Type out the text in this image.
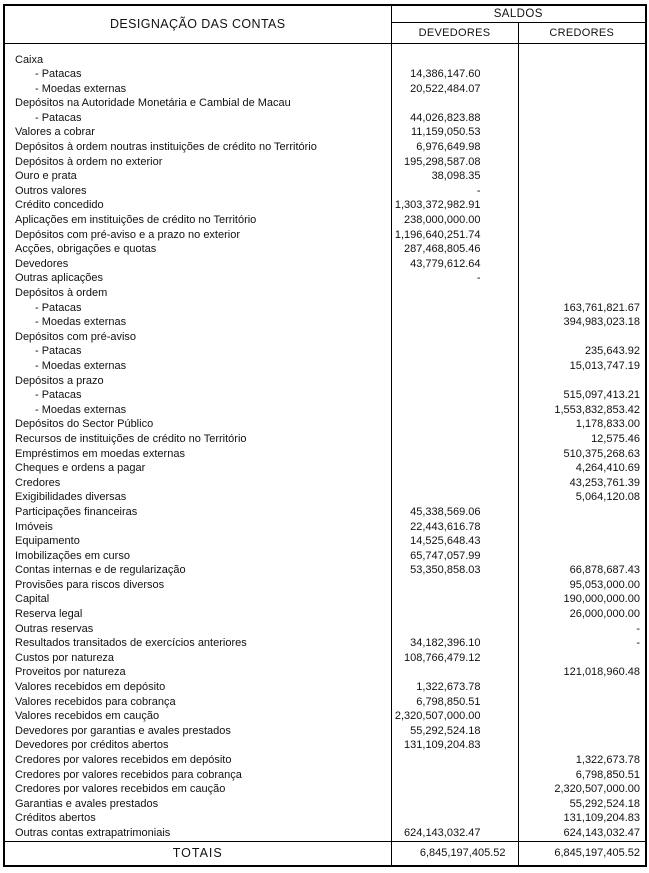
DESIGNAÇÃO DAS CONTAS	SALDOS	
	DEVEDORES	CREDORES
Caixa		
- Patacas	14,386,147.60	
- Moedas externas	20,522,484.07	
Depósitos na Autoridade Monetária e Cambial de Macau		
- Patacas	44,026,823.88	
Valores a cobrar	11,159,050.53	
Depósitos à ordem noutras instituições de crédito no Território	6,976,649.98	
Depósitos à ordem no exterior	195,298,587.08	
Ouro e prata	38,098.35	
Outros valores	-	
Crédito concedido	1,303,372,982.91	
Aplicações em instituições de crédito no Território	238,000,000.00	
Depósitos com pré-aviso e a prazo no exterior	1,196,640,251.74	
Acções, obrigações e quotas	287,468,805.46	
Devedores	43,779,612.64	
Outras aplicações	-	
Depósitos à ordem		
- Patacas		163,761,821.67
- Moedas externas		394,983,023.18
Depósitos com pré-aviso		
- Patacas		235,643.92
- Moedas externas		15,013,747.19
Depósitos a prazo		
- Patacas		515,097,413.21
- Moedas externas		1,553,832,853.42
Depósitos do Sector Público		1,178,833.00
Recursos de instituições de crédito no Território		12,575.46
Empréstimos em moedas externas		510,375,268.63
Cheques e ordens a pagar		4,264,410.69
Credores		43,253,761.39
Exigibilidades diversas		5,064,120.08
Participações financeiras	45,338,569.06	
Imóveis	22,443,616.78	
Equipamento	14,525,648.43	
Imobilizações em curso	65,747,057.99	
Contas internas e de regularização	53,350,858.03	66,878,687.43
Provisões para riscos diversos		95,053,000.00
Capital		190,000,000.00
Reserva legal		26,000,000.00
Outras reservas		-
Resultados transitados de exercícios anteriores	34,182,396.10	-
Custos por natureza	108,766,479.12	
Proveitos por natureza		121,018,960.48
Valores recebidos em depósito	1,322,673.78	
Valores recebidos para cobrança	6,798,850.51	
Valores recebidos em caução	2,320,507,000.00	
Devedores por garantias e avales prestados	55,292,524.18	
Devedores por créditos abertos	131,109,204.83	
Credores por valores recebidos em depósito		1,322,673.78
Credores por valores recebidos para cobrança		6,798,850.51
Credores por valores recebidos em caução		2,320,507,000.00
Garantias e avales prestados		55,292,524.18
Créditos abertos		131,109,204.83
Outras contas extrapatrimoniais	624,143,032.47	624,143,032.47
TOTAIS	6,845,197,405.52	6,845,197,405.52
